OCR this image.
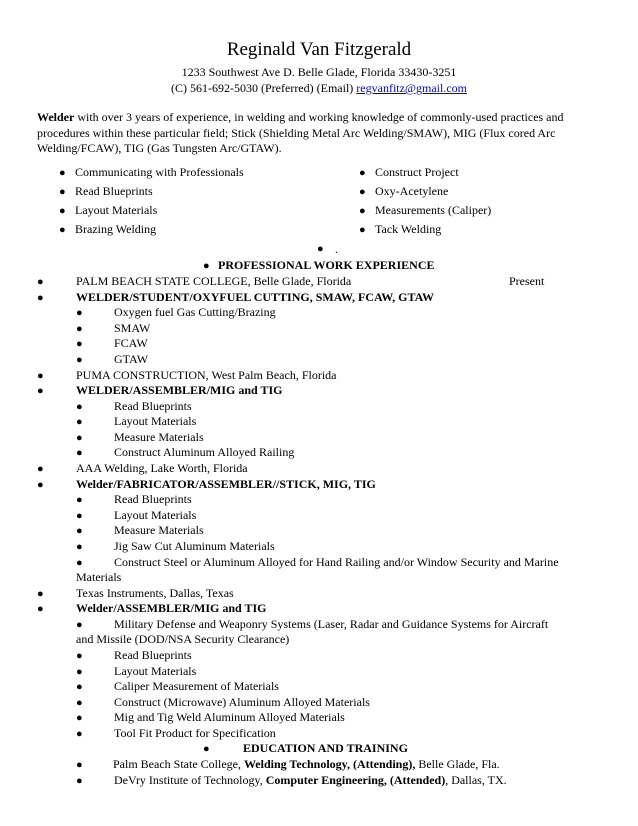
Reginald Van Fitzgerald
1233 Southwest Ave D. Belle Glade, Florida 33430-3251
(C) 561-692-5030 (Preferred) (Email) regvanfitz@gmail.com
Welder with over 3 years of experience, in welding and working knowledge of commonly-used practices and procedures within these particular field; Stick (Shielding Metal Arc Welding/SMAW), MIG (Flux cored Arc Welding/FCAW), TIG (Gas Tungsten Arc/GTAW).
● Communicating with Professionals	● Construct Project
● Read Blueprints	● Oxy-Acetylene
● Layout Materials	● Measurements (Caliper)
● Brazing Welding	● Tack Welding
● .
● PROFESSIONAL WORK EXPERIENCE
●	PALM BEACH STATE COLLEGE, Belle Glade, Florida	Present
●	WELDER/STUDENT/OXYFUEL CUTTING, SMAW, FCAW, GTAW
●	Oxygen fuel Gas Cutting/Brazing
●	SMAW
●	FCAW
●	GTAW
●	PUMA CONSTRUCTION, West Palm Beach, Florida
●	WELDER/ASSEMBLER/MIG and TIG
●	Read Blueprints
●	Layout Materials
●	Measure Materials
●	Construct Aluminum Alloyed Railing
●	AAA Welding, Lake Worth, Florida
●	Welder/FABRICATOR/ASSEMBLER//STICK, MIG, TIG
●	Read Blueprints
●	Layout Materials
●	Measure Materials
●	Jig Saw Cut Aluminum Materials
●	Construct Steel or Aluminum Alloyed for Hand Railing and/or Window Security and Marine
Materials
●	Texas Instruments, Dallas, Texas
●	Welder/ASSEMBLER/MIG and TIG
●	Military Defense and Weaponry Systems (Laser, Radar and Guidance Systems for Aircraft
and Missile (DOD/NSA Security Clearance)
●	Read Blueprints
●	Layout Materials
●	Caliper Measurement of Materials
●	Construct (Microwave) Aluminum Alloyed Materials
●	Mig and Tig Weld Aluminum Alloyed Materials
●	Tool Fit Product for Specification
●	EDUCATION AND TRAINING
●	Palm Beach State College, Welding Technology, (Attending), Belle Glade, Fla.
●	DeVry Institute of Technology, Computer Engineering, (Attended), Dallas, TX.
